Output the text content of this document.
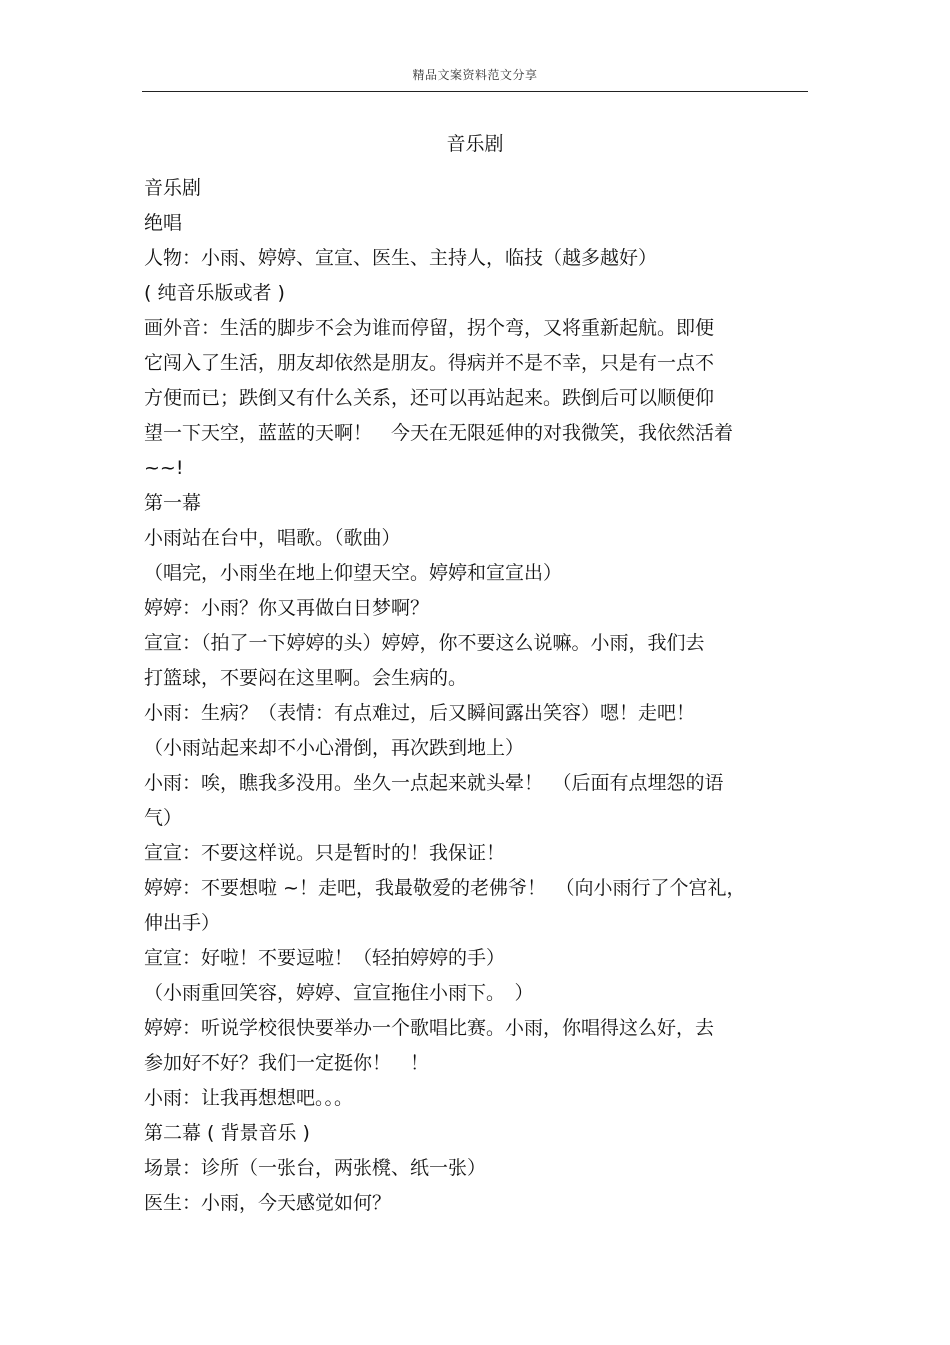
精品文案资料范文分享
音乐剧
音乐剧
绝唱
人物：小雨、婷婷、宣宣、医生、主持人，临技（越多越好）
( 纯音乐版或者 )
画外音：生活的脚步不会为谁而停留，拐个弯，又将重新起航。即便
它闯入了生活，朋友却依然是朋友。得病并不是不幸，只是有一点不
方便而已；跌倒又有什么关系，还可以再站起来。跌倒后可以顺便仰
望一下天空，蓝蓝的天啊！　今天在无限延伸的对我微笑，我依然活着
~~!
第一幕
小雨站在台中，唱歌。（歌曲）
（唱完，小雨坐在地上仰望天空。婷婷和宣宣出）
婷婷：小雨？你又再做白日梦啊？
宣宣：（拍了一下婷婷的头）婷婷，你不要这么说嘛。小雨，我们去
打篮球，不要闷在这里啊。会生病的。
小雨：生病？（表情：有点难过，后又瞬间露出笑容）嗯！走吧！
（小雨站起来却不小心滑倒，再次跌到地上）
小雨：唉，瞧我多没用。坐久一点起来就头晕！　（后面有点埋怨的语
气）
宣宣：不要这样说。只是暂时的！我保证！
婷婷：不要想啦 ~！走吧，我最敬爱的老佛爷！　（向小雨行了个宫礼，
伸出手）
宣宣：好啦！不要逗啦！（轻拍婷婷的手）
（小雨重回笑容，婷婷、宣宣拖住小雨下。　）
婷婷：听说学校很快要举办一个歌唱比赛。小雨，你唱得这么好，去
参加好不好？我们一定挺你！　！
小雨：让我再想想吧。。。
第二幕 ( 背景音乐 )
场景：诊所（一张台，两张櫈、纸一张）
医生：小雨，今天感觉如何？
